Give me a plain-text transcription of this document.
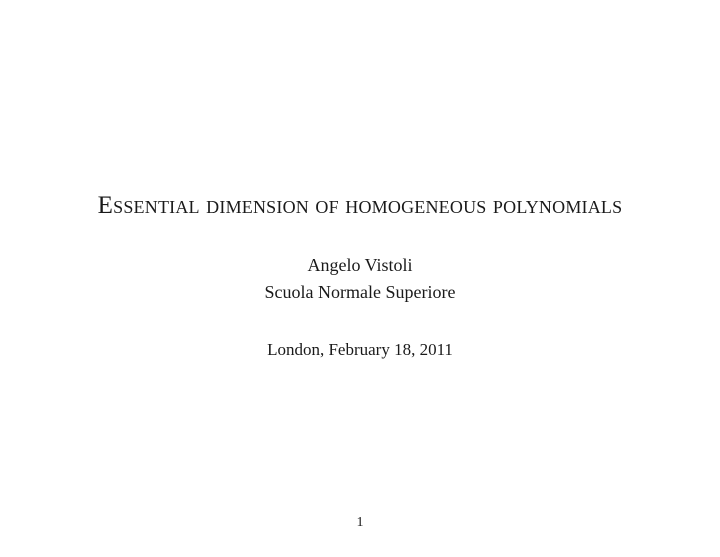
Essential dimension of homogeneous polynomials
Angelo Vistoli
Scuola Normale Superiore
London, February 18, 2011
1
